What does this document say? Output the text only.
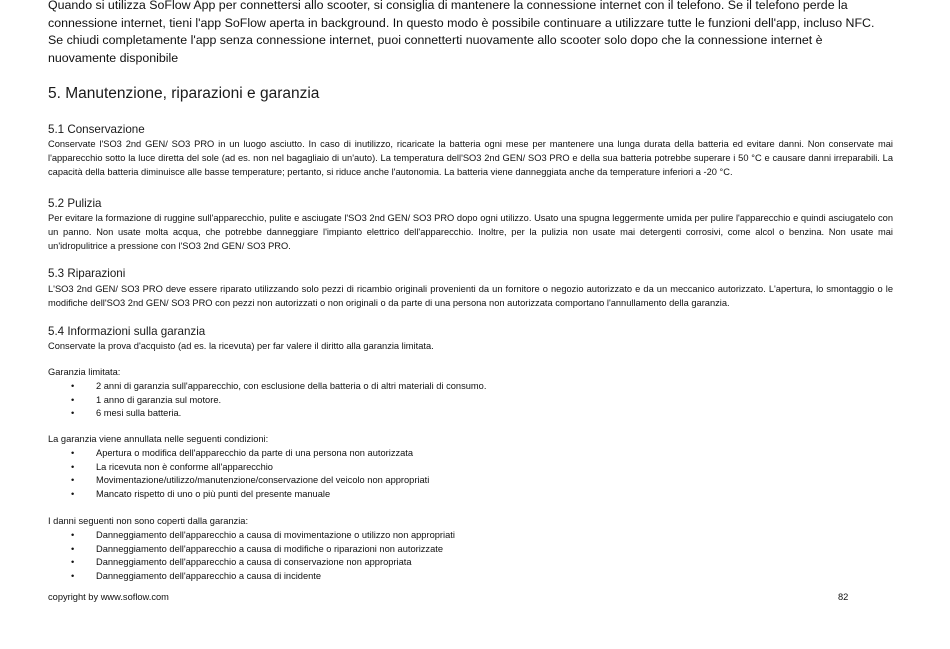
Quando si utilizza SoFlow App per connettersi allo scooter, si consiglia di mantenere la connessione internet con il telefono. Se il telefono perde la connessione internet, tieni l'app SoFlow aperta in background. In questo modo è possibile continuare a utilizzare tutte le funzioni dell'app, incluso NFC. Se chiudi completamente l'app senza connessione internet, puoi connetterti nuovamente allo scooter solo dopo che la connessione internet è nuovamente disponibile

5. Manutenzione, riparazioni e garanzia
5.1 Conservazione

Conservate l'SO3 2nd GEN/ SO3 PRO in un luogo asciutto. In caso di inutilizzo, ricaricate la batteria ogni mese per mantenere una lunga durata della batteria ed evitare danni. Non conservate mai l'apparecchio sotto la luce diretta del sole (ad es. non nel bagagliaio di un'auto). La temperatura dell'SO3 2nd GEN/ SO3 PRO e della sua batteria potrebbe superare i 50 °C e causare danni irreparabili. La capacità della batteria diminuisce alle basse temperature; pertanto, si riduce anche l'autonomia. La batteria viene danneggiata anche da temperature inferiori a -20 °C.

5.2 Pulizia

Per evitare la formazione di ruggine sull'apparecchio, pulite e asciugate l'SO3 2nd GEN/ SO3 PRO dopo ogni utilizzo. Usato una spugna leggermente umida per pulire l'apparecchio e quindi asciugatelo con un panno. Non usate molta acqua, che potrebbe danneggiare l'impianto elettrico dell'apparecchio. Inoltre, per la pulizia non usate mai detergenti corrosivi, come alcol o benzina. Non usate mai un'idropulitrice a pressione con l'SO3 2nd GEN/ SO3 PRO.

5.3 Riparazioni

L'SO3 2nd GEN/ SO3 PRO deve essere riparato utilizzando solo pezzi di ricambio originali provenienti da un fornitore o negozio autorizzato e da un meccanico autorizzato. L'apertura, lo smontaggio o le modifiche dell'SO3 2nd GEN/ SO3 PRO con pezzi non autorizzati o non originali o da parte di una persona non autorizzata comportano l'annullamento della garanzia.

5.4 Informazioni sulla garanzia

Conservate la prova d'acquisto (ad es. la ricevuta) per far valere il diritto alla garanzia limitata.

Garanzia limitata:

• 2 anni di garanzia sull'apparecchio, con esclusione della batteria o di altri materiali di consumo.
• 1 anno di garanzia sul motore.
• 6 mesi sulla batteria.

La garanzia viene annullata nelle seguenti condizioni:

• Apertura o modifica dell'apparecchio da parte di una persona non autorizzata
• La ricevuta non è conforme all'apparecchio
• Movimentazione/utilizzo/manutenzione/conservazione del veicolo non appropriati
• Mancato rispetto di uno o più punti del presente manuale

I danni seguenti non sono coperti dalla garanzia:

• Danneggiamento dell'apparecchio a causa di movimentazione o utilizzo non appropriati
• Danneggiamento dell'apparecchio a causa di modifiche o riparazioni non autorizzate
• Danneggiamento dell'apparecchio a causa di conservazione non appropriata
• Danneggiamento dell'apparecchio a causa di incidente
copyright by www.soflow.com	82
